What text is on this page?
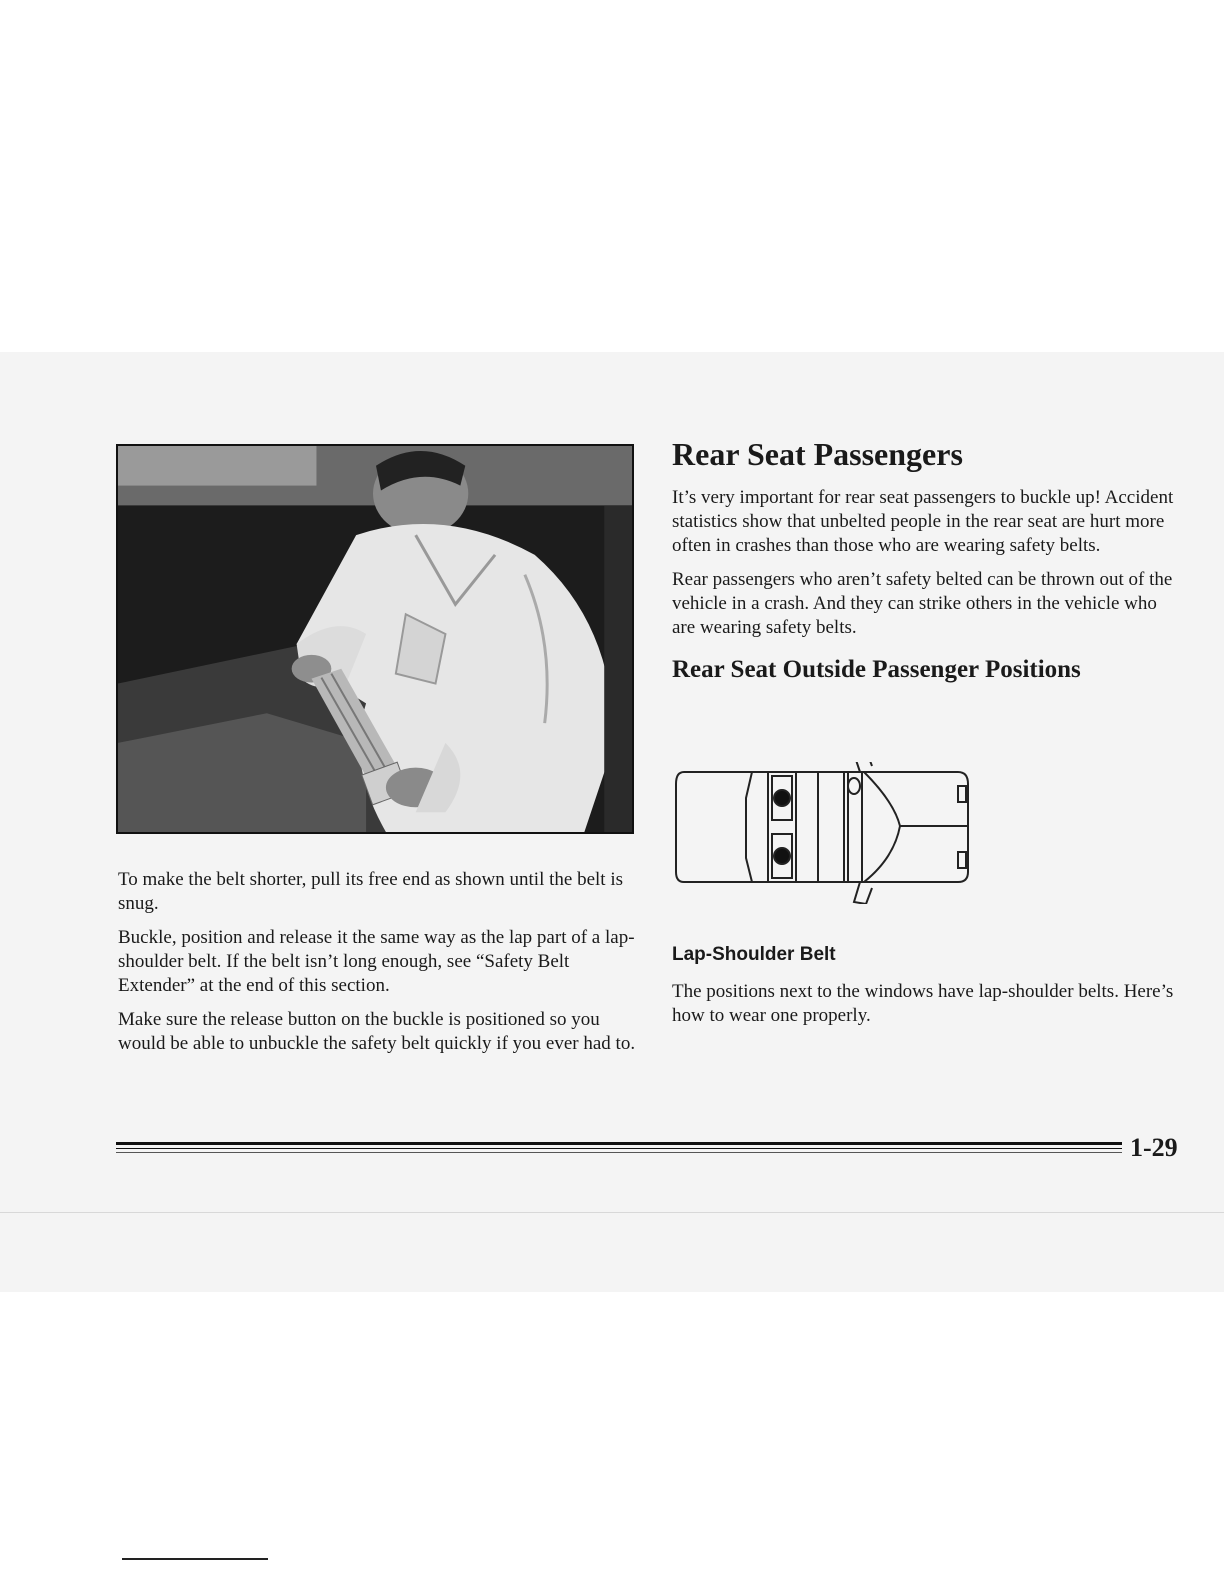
To make the belt shorter, pull its free end as shown until the belt is snug.

Buckle, position and release it the same way as the lap part of a lap-shoulder belt. If the belt isn’t long enough, see “Safety Belt Extender” at the end of this section.

Make sure the release button on the buckle is positioned so you would be able to unbuckle the safety belt quickly if you ever had to.

Rear Seat Passengers

It’s very important for rear seat passengers to buckle up! Accident statistics show that unbelted people in the rear seat are hurt more often in crashes than those who are wearing safety belts.

Rear passengers who aren’t safety belted can be thrown out of the vehicle in a crash. And they can strike others in the vehicle who are wearing safety belts.

Rear Seat Outside Passenger Positions
Lap-Shoulder Belt

The positions next to the windows have lap-shoulder belts. Here’s how to wear one properly.

1-29
